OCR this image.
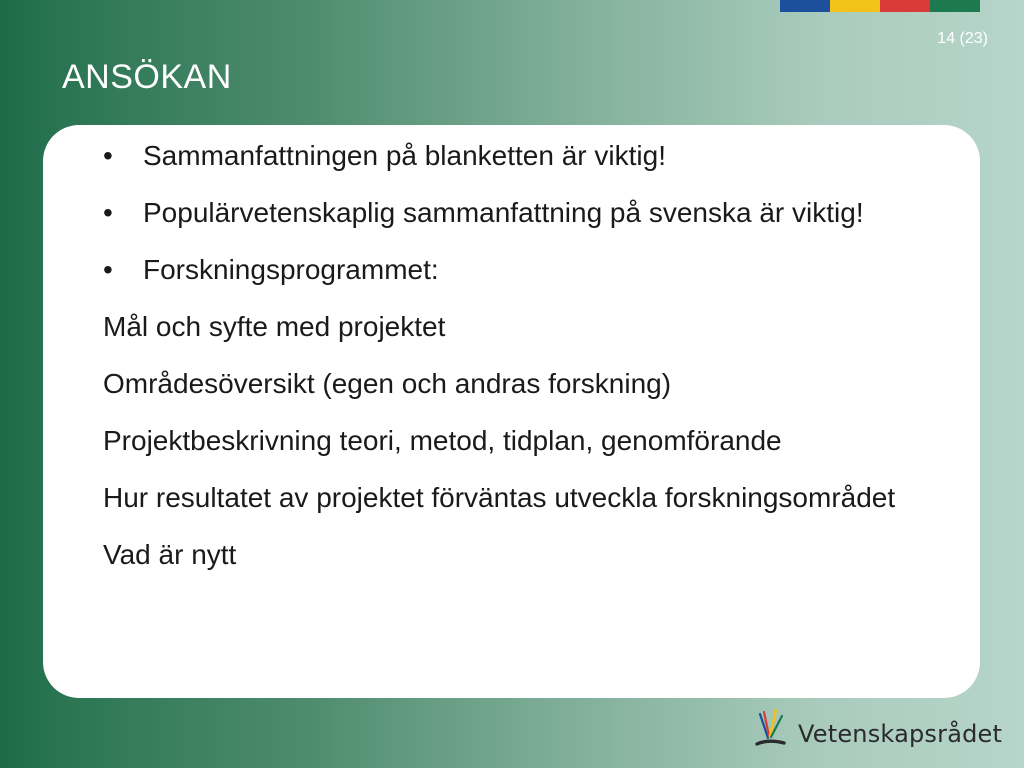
14 (23)
ANSÖKAN

• Sammanfattningen på blanketten är viktig!

• Populärvetenskaplig sammanfattning på svenska är viktig!

• Forskningsprogrammet:

Mål och syfte med projektet

Områdesöversikt (egen och andras forskning)

Projektbeskrivning teori, metod, tidplan, genomförande

Hur resultatet av projektet förväntas utveckla forskningsområdet

Vad är nytt

Vetenskapsrådet
